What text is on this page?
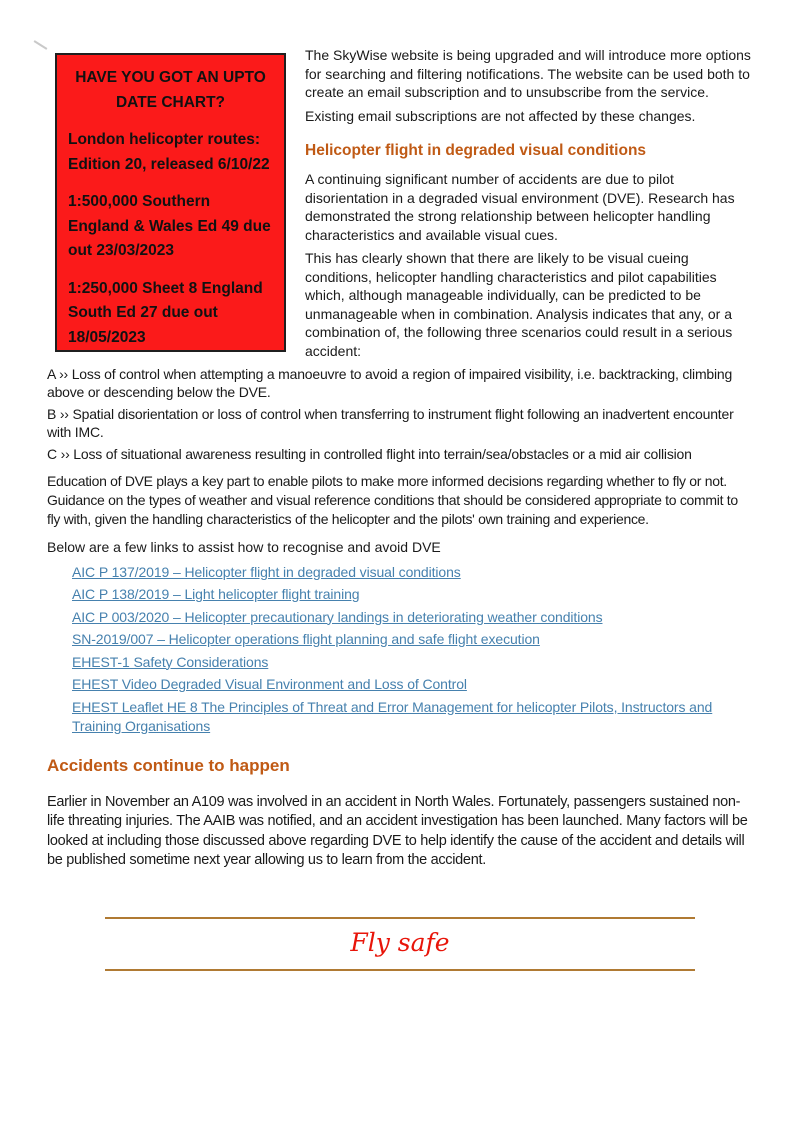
HAVE YOU GOT AN UPTO DATE CHART?

London helicopter routes: Edition 20, released 6/10/22

1:500,000 Southern England & Wales Ed 49 due out 23/03/2023

1:250,000 Sheet 8 England South Ed 27 due out 18/05/2023

The SkyWise website is being upgraded and will introduce more options for searching and filtering notifications. The website can be used both to create an email subscription and to unsubscribe from the service.

Existing email subscriptions are not affected by these changes.

Helicopter flight in degraded visual conditions

A continuing significant number of accidents are due to pilot disorientation in a degraded visual environment (DVE). Research has demonstrated the strong relationship between helicopter handling characteristics and available visual cues.

This has clearly shown that there are likely to be visual cueing conditions, helicopter handling characteristics and pilot capabilities which, although manageable individually, can be predicted to be unmanageable when in combination. Analysis indicates that any, or a combination of, the following three scenarios could result in a serious accident:

A ›› Loss of control when attempting a manoeuvre to avoid a region of impaired visibility, i.e. backtracking, climbing above or descending below the DVE.

B ›› Spatial disorientation or loss of control when transferring to instrument flight following an inadvertent encounter with IMC.

C ›› Loss of situational awareness resulting in controlled flight into terrain/sea/obstacles or a mid air collision

Education of DVE plays a key part to enable pilots to make more informed decisions regarding whether to fly or not. Guidance on the types of weather and visual reference conditions that should be considered appropriate to commit to fly with, given the handling characteristics of the helicopter and the pilots' own training and experience.

Below are a few links to assist how to recognise and avoid DVE

AIC P 137/2019 – Helicopter flight in degraded visual conditions
AIC P 138/2019 – Light helicopter flight training
AIC P 003/2020 – Helicopter precautionary landings in deteriorating weather conditions
SN-2019/007 – Helicopter operations flight planning and safe flight execution
EHEST-1 Safety Considerations
EHEST Video Degraded Visual Environment and Loss of Control
EHEST Leaflet HE 8 The Principles of Threat and Error Management for helicopter Pilots, Instructors and Training Organisations
Accidents continue to happen

Earlier in November an A109 was involved in an accident in North Wales. Fortunately, passengers sustained non-life threating injuries. The AAIB was notified, and an accident investigation has been launched. Many factors will be looked at including those discussed above regarding DVE to help identify the cause of the accident and details will be published sometime next year allowing us to learn from the accident.

Fly safe
